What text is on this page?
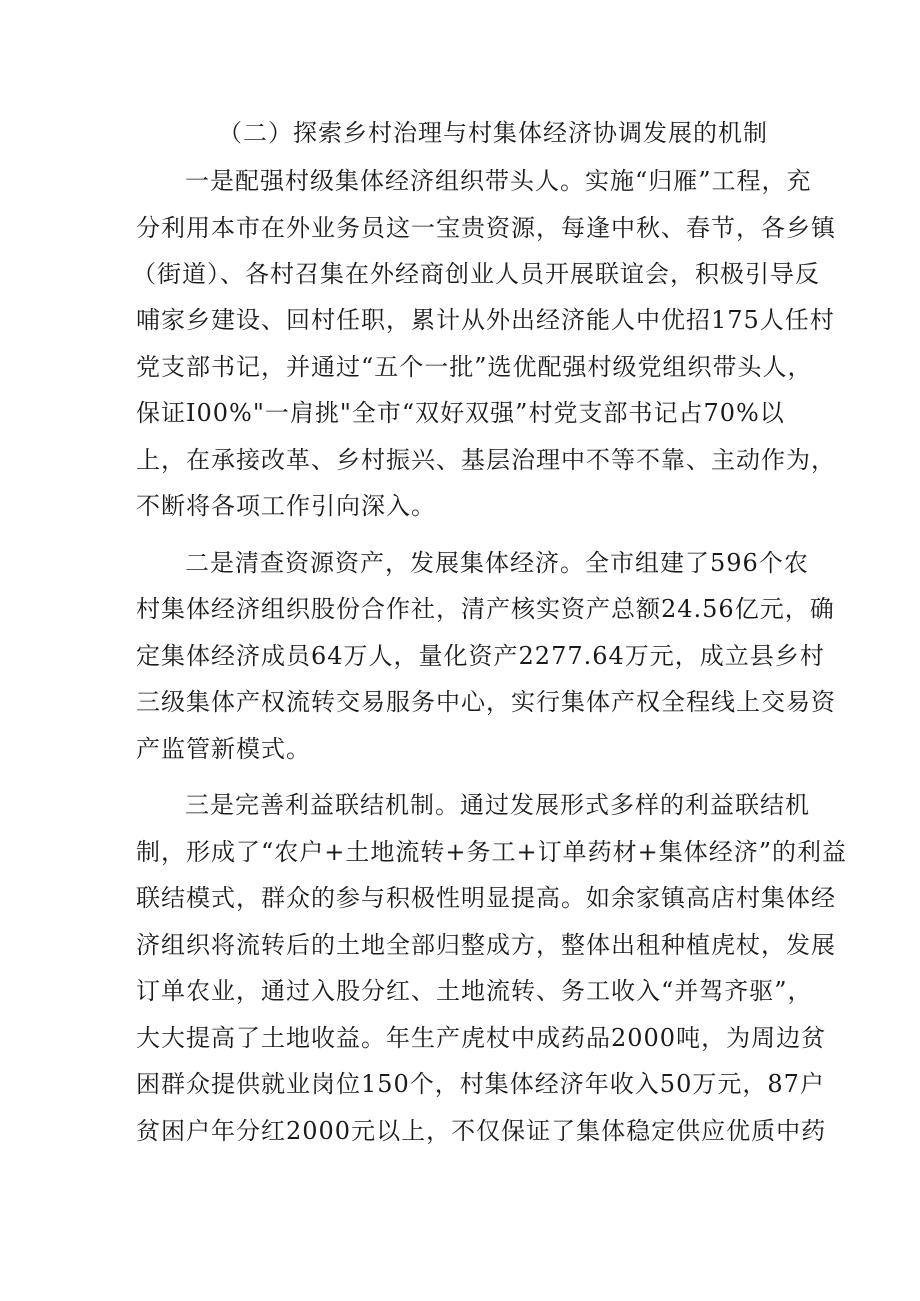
（二）探索乡村治理与村集体经济协调发展的机制
一是配强村级集体经济组织带头人。实施“归雁”工程，充
分利用本市在外业务员这一宝贵资源，每逢中秋、春节，各乡镇
（街道）、各村召集在外经商创业人员开展联谊会，积极引导反
哺家乡建设、回村任职，累计从外出经济能人中优招175人任村
党支部书记，并通过“五个一批”选优配强村级党组织带头人，
保证I00%"一肩挑"全市“双好双强”村党支部书记占70%以
上，在承接改革、乡村振兴、基层治理中不等不靠、主动作为，
不断将各项工作引向深入。
二是清查资源资产，发展集体经济。全市组建了596个农
村集体经济组织股份合作社，清产核实资产总额24.56亿元，确
定集体经济成员64万人，量化资产2277.64万元，成立县乡村
三级集体产权流转交易服务中心，实行集体产权全程线上交易资
产监管新模式。
三是完善利益联结机制。通过发展形式多样的利益联结机
制，形成了“农户+土地流转+务工+订单药材+集体经济”的利益
联结模式，群众的参与积极性明显提高。如余家镇高店村集体经
济组织将流转后的土地全部归整成方，整体出租种植虎杖，发展
订单农业，通过入股分红、土地流转、务工收入“并驾齐驱”，
大大提高了土地收益。年生产虎杖中成药品2000吨，为周边贫
困群众提供就业岗位150个，村集体经济年收入50万元，87户
贫困户年分红2000元以上，不仅保证了集体稳定供应优质中药
